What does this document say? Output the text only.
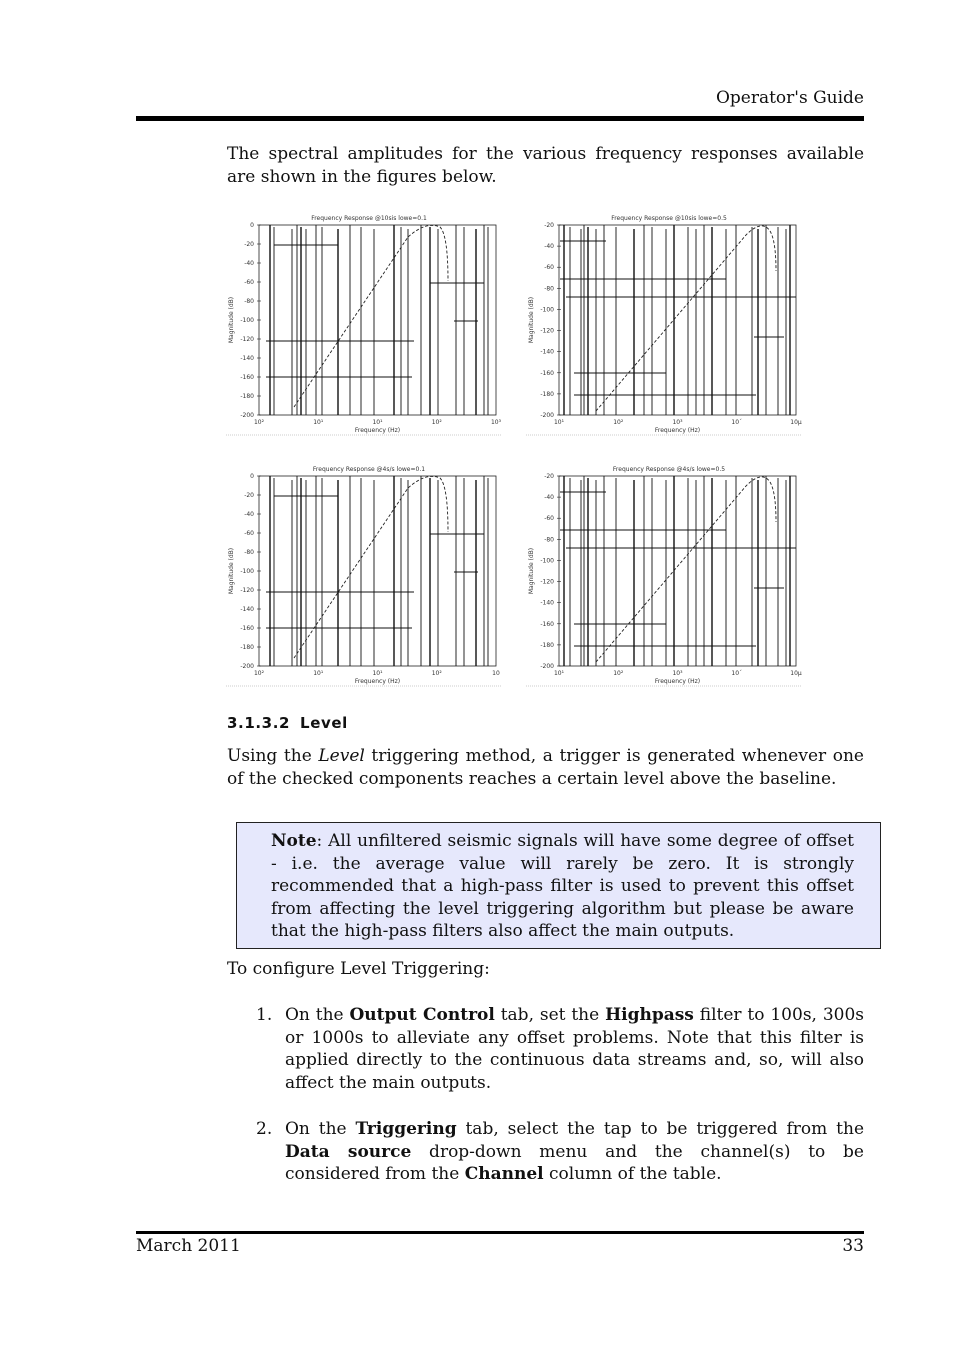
Operator's Guide
The spectral amplitudes for the various frequency responses available are shown in the figures below.
Frequency Response @10sis lowe=0.1
0
-20
-40
-60
-80
-100
-120
-140
-160
-180
-200
10²	10¹	10¹	10²	10³
Frequency (Hz)
Magnitude (dB)
Frequency Response @10sis lowe=0.5
-20
-40
-60
-80
-100
-120
-140
-160
-180
-200
10¹	10²	10³	10´	10µ
Frequency (Hz)
Magnitude (dB)
Frequency Response @4s/s lowe=0.1
0
-20
-40
-60
-80
-100
-120
-140
-160
-180
-200
10²	10¹	10¹	10²	10
Frequency (Hz)
Magnitude (dB)
Frequency Response @4s/s lowe=0.5
-20
-40
-60
-80
-100
-120
-140
-160
-180
-200
10¹	10²	10³	10´	10µ
Frequency (Hz)
Magnitude (dB)
3.1.3.2 Level
Using the Level triggering method, a trigger is generated whenever one of the checked components reaches a certain level above the baseline.
Note: All unfiltered seismic signals will have some degree of offset - i.e. the average value will rarely be zero. It is strongly recommended that a high-pass filter is used to prevent this offset from affecting the level triggering algorithm but please be aware that the high-pass filters also affect the main outputs.
To configure Level Triggering:
1. On the Output Control tab, set the Highpass filter to 100s, 300s or 1000s to alleviate any offset problems. Note that this filter is applied directly to the continuous data streams and, so, will also affect the main outputs.
2. On the Triggering tab, select the tap to be triggered from the Data source drop-down menu and the channel(s) to be considered from the Channel column of the table.
March 2011	33
